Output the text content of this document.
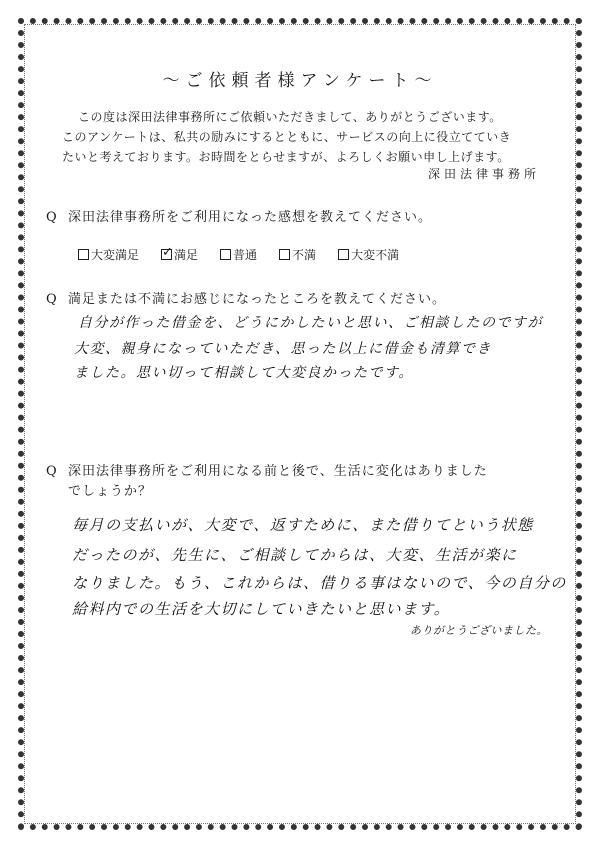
～ご依頼者様アンケート～
この度は深田法律事務所にご依頼いただきまして、ありがとうございます。
このアンケートは、私共の励みにするとともに、サービスの向上に役立てていき
たいと考えております。お時間をとらせますが、よろしくお願い申し上げます。
深田法律事務所
Q 深田法律事務所をご利用になった感想を教えてください。
大変満足
✓	満足	普通	不満	大変不満
Q 満足または不満にお感じになったところを教えてください。
自分が作った借金を、どうにかしたいと思い、ご相談したのですが
大変、親身になっていただき、思った以上に借金も清算でき
ました。思い切って相談して大変良かったです。
Q 深田法律事務所をご利用になる前と後で、生活に変化はありました
でしょうか？
毎月の支払いが、大変で、返すために、また借りてという状態
だったのが、先生に、ご相談してからは、大変、生活が楽に
なりました。もう、これからは、借りる事はないので、今の自分の
給料内での生活を大切にしていきたいと思います。
ありがとうございました。
